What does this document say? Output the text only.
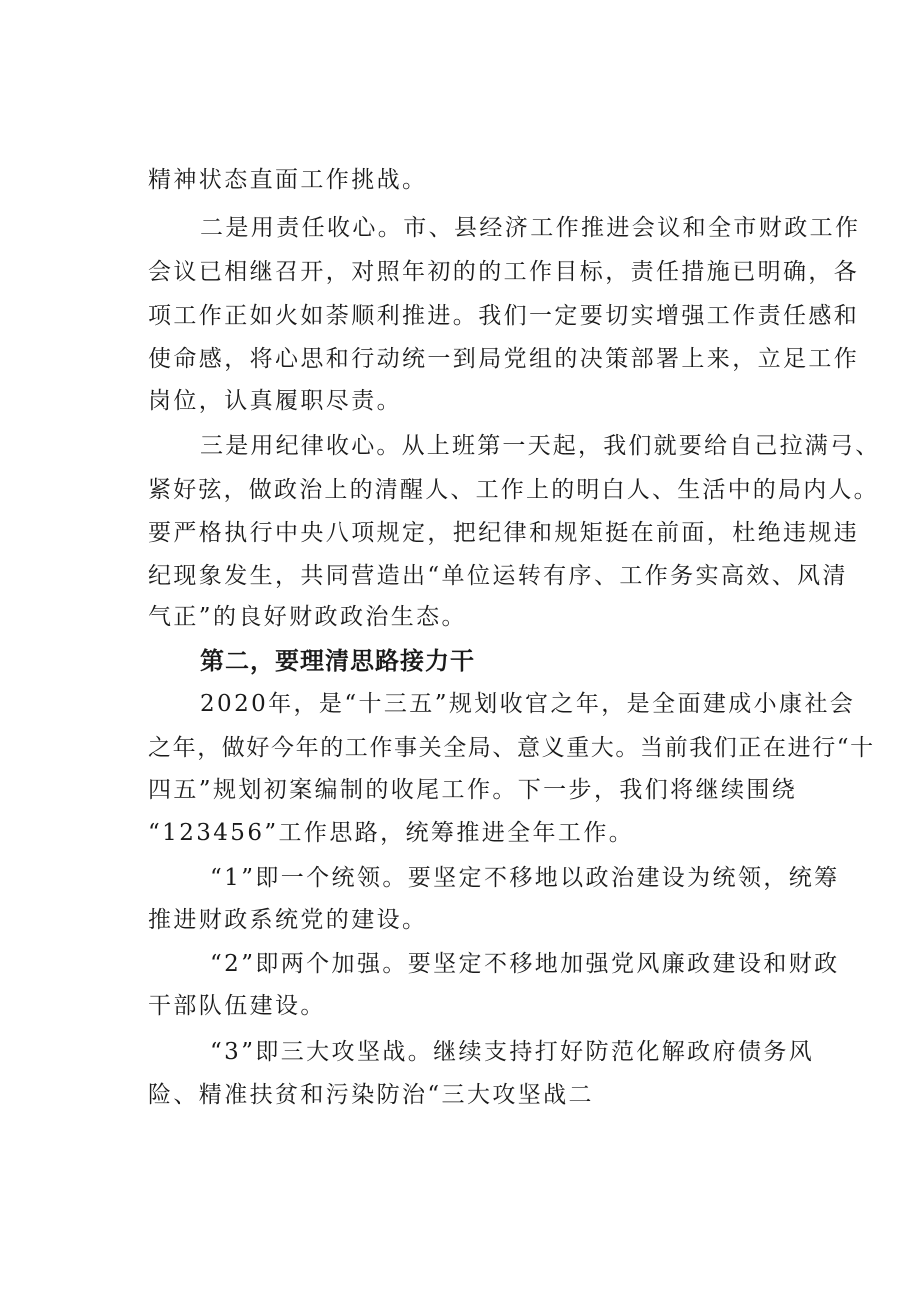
精神状态直面工作挑战。
二是用责任收心。市、县经济工作推进会议和全市财政工作
会议已相继召开，对照年初的的工作目标，责任措施已明确，各
项工作正如火如荼顺利推进。我们一定要切实增强工作责任感和
使命感，将心思和行动统一到局党组的决策部署上来，立足工作
岗位，认真履职尽责。
三是用纪律收心。从上班第一天起，我们就要给自己拉满弓、
紧好弦，做政治上的清醒人、工作上的明白人、生活中的局内人。
要严格执行中央八项规定，把纪律和规矩挺在前面，杜绝违规违
纪现象发生，共同营造出“单位运转有序、工作务实高效、风清
气正”的良好财政政治生态。
第二，要理清思路接力干
2020年，是“十三五”规划收官之年，是全面建成小康社会
之年，做好今年的工作事关全局、意义重大。当前我们正在进行“十
四五”规划初案编制的收尾工作。下一步，我们将继续围绕
“123456”工作思路，统筹推进全年工作。
“1”即一个统领。要坚定不移地以政治建设为统领，统筹
推进财政系统党的建设。
“2”即两个加强。要坚定不移地加强党风廉政建设和财政
干部队伍建设。
“3”即三大攻坚战。继续支持打好防范化解政府债务风
险、精准扶贫和污染防治“三大攻坚战二
